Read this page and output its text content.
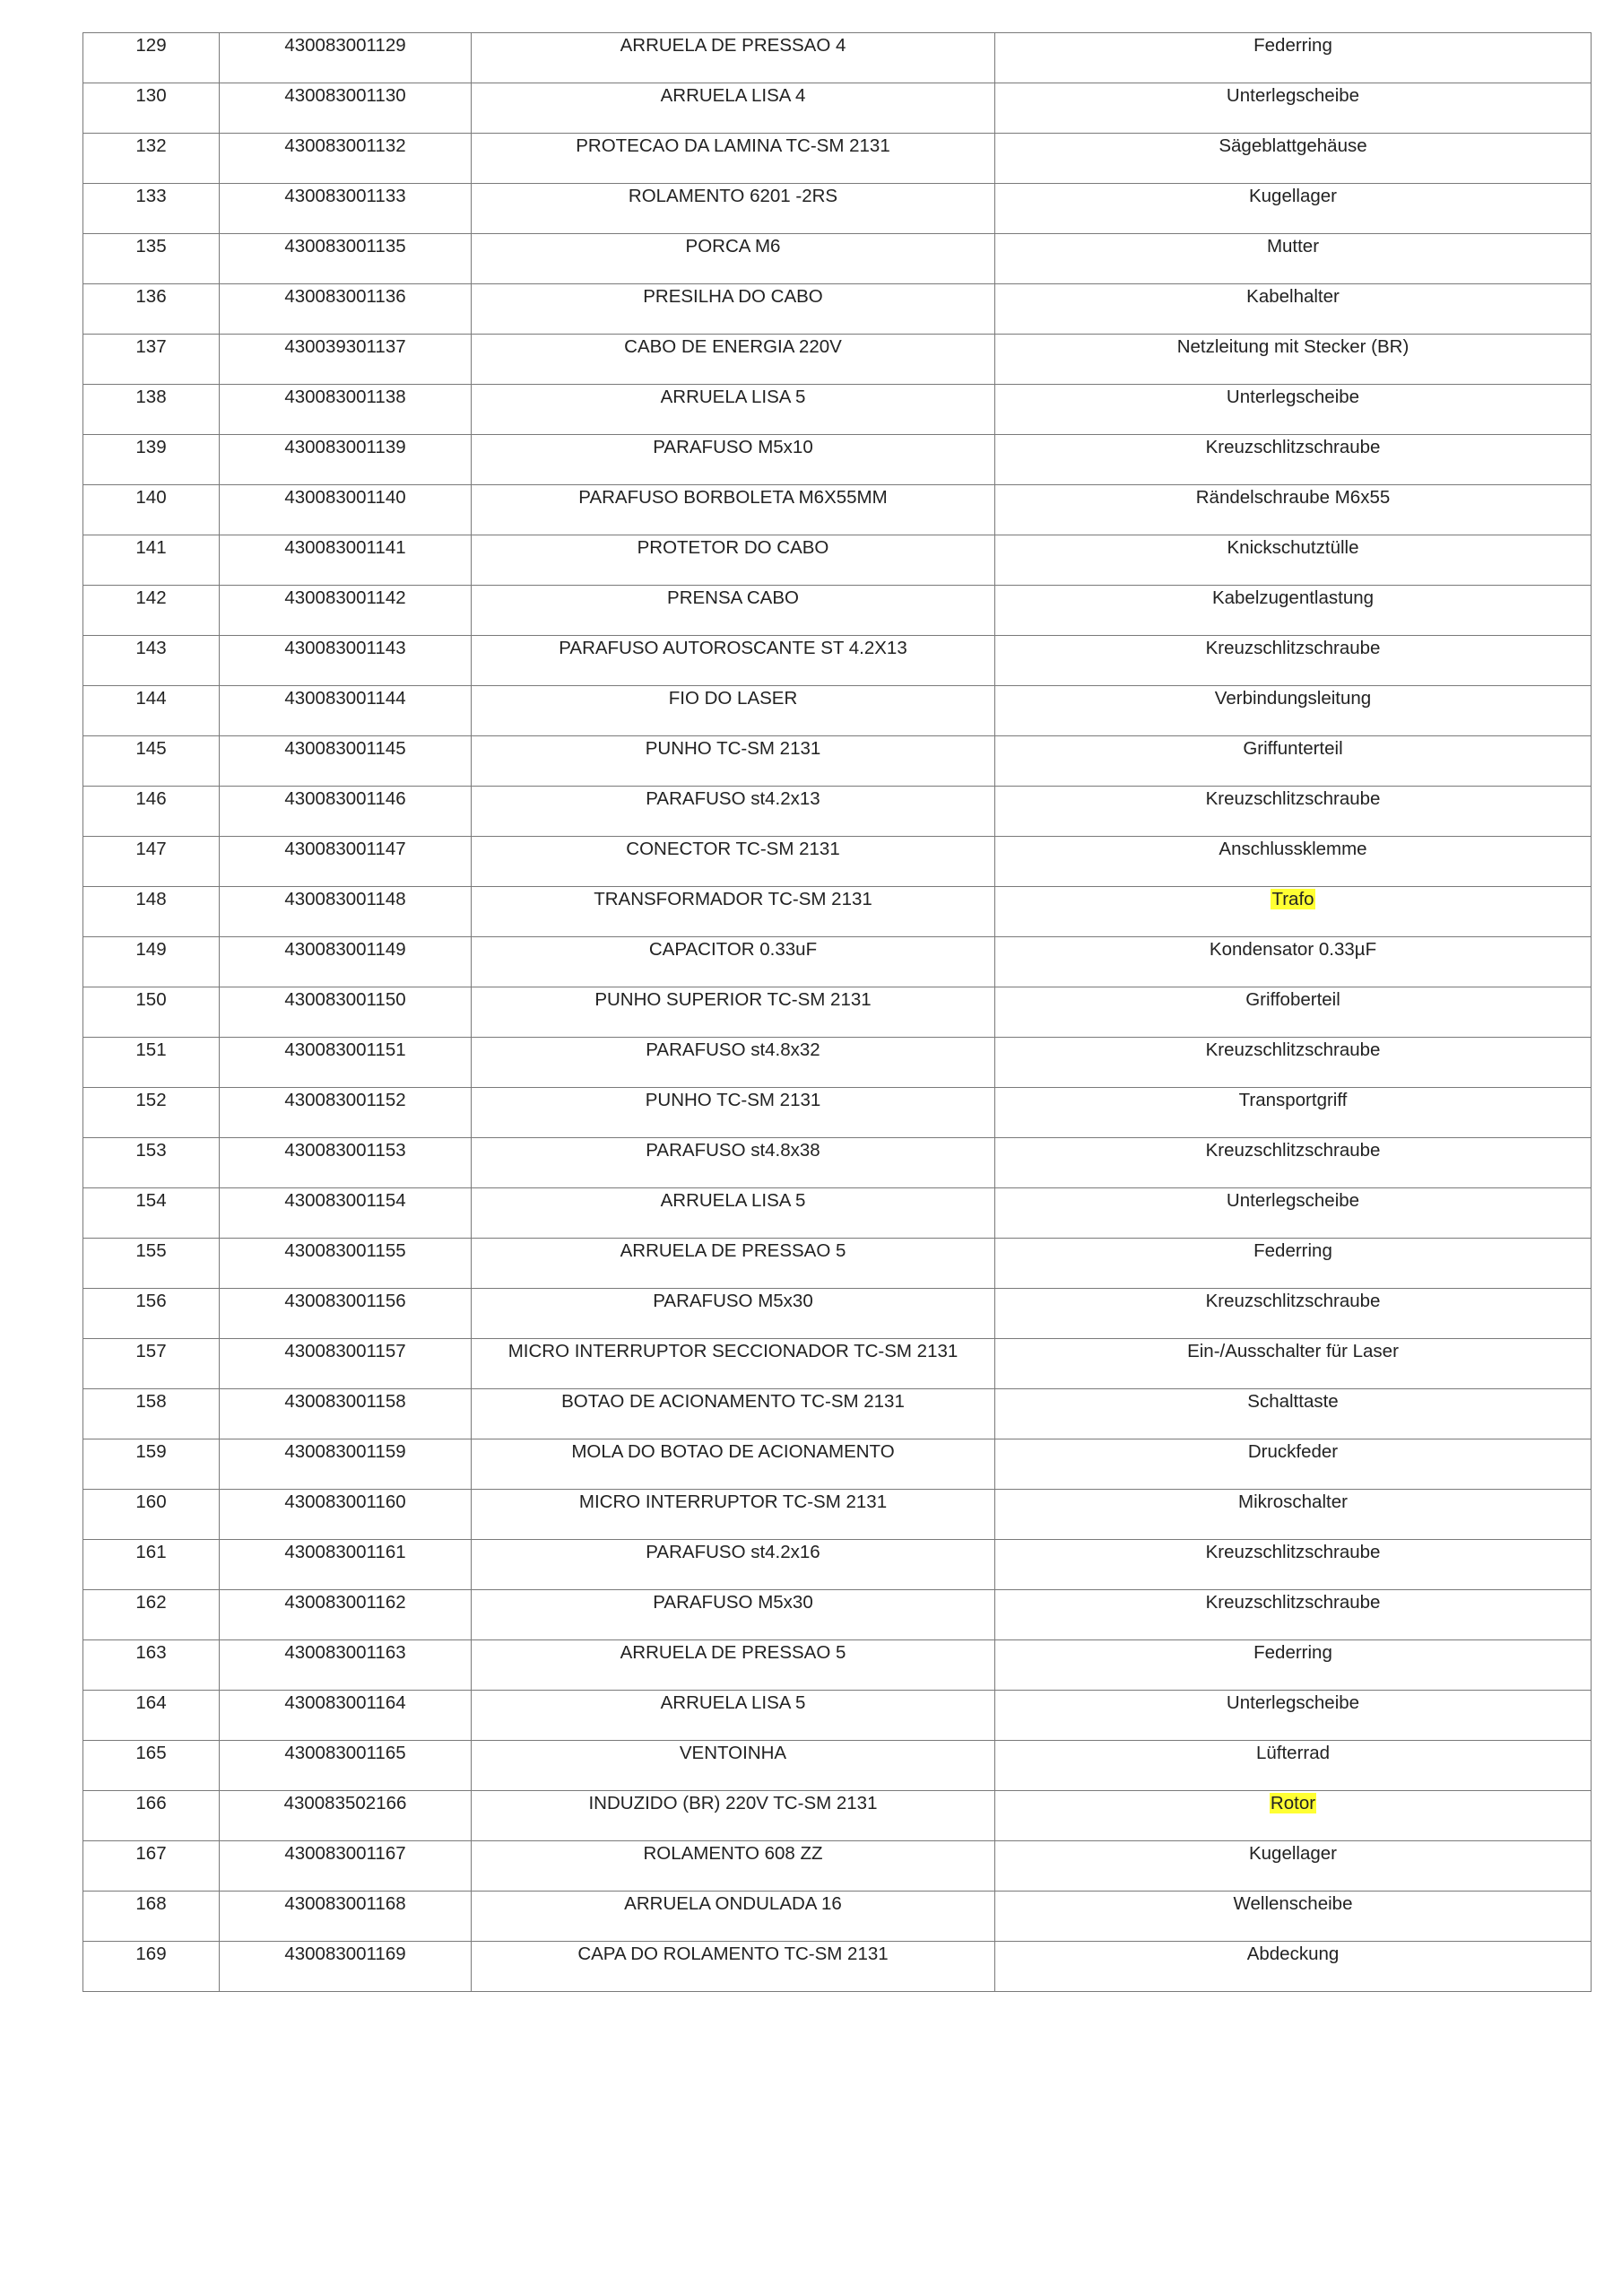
129	430083001129	ARRUELA DE PRESSAO 4	Federring
130	430083001130	ARRUELA LISA 4	Unterlegscheibe
132	430083001132	PROTECAO DA LAMINA TC-SM 2131	Sägeblattgehäuse
133	430083001133	ROLAMENTO 6201 -2RS	Kugellager
135	430083001135	PORCA M6	Mutter
136	430083001136	PRESILHA DO CABO	Kabelhalter
137	430039301137	CABO DE ENERGIA 220V	Netzleitung mit Stecker (BR)
138	430083001138	ARRUELA LISA 5	Unterlegscheibe
139	430083001139	PARAFUSO M5x10	Kreuzschlitzschraube
140	430083001140	PARAFUSO BORBOLETA M6X55MM	Rändelschraube M6x55
141	430083001141	PROTETOR DO CABO	Knickschutztülle
142	430083001142	PRENSA CABO	Kabelzugentlastung
143	430083001143	PARAFUSO AUTOROSCANTE ST 4.2X13	Kreuzschlitzschraube
144	430083001144	FIO DO LASER	Verbindungsleitung
145	430083001145	PUNHO TC-SM 2131	Griffunterteil
146	430083001146	PARAFUSO st4.2x13	Kreuzschlitzschraube
147	430083001147	CONECTOR TC-SM 2131	Anschlussklemme
148	430083001148	TRANSFORMADOR TC-SM 2131	Trafo
149	430083001149	CAPACITOR 0.33uF	Kondensator 0.33µF
150	430083001150	PUNHO SUPERIOR TC-SM 2131	Griffoberteil
151	430083001151	PARAFUSO st4.8x32	Kreuzschlitzschraube
152	430083001152	PUNHO TC-SM 2131	Transportgriff
153	430083001153	PARAFUSO st4.8x38	Kreuzschlitzschraube
154	430083001154	ARRUELA LISA 5	Unterlegscheibe
155	430083001155	ARRUELA DE PRESSAO 5	Federring
156	430083001156	PARAFUSO M5x30	Kreuzschlitzschraube
157	430083001157	MICRO INTERRUPTOR SECCIONADOR TC-SM 2131	Ein-/Ausschalter für Laser
158	430083001158	BOTAO DE ACIONAMENTO TC-SM 2131	Schalttaste
159	430083001159	MOLA DO BOTAO DE ACIONAMENTO	Druckfeder
160	430083001160	MICRO INTERRUPTOR TC-SM 2131	Mikroschalter
161	430083001161	PARAFUSO st4.2x16	Kreuzschlitzschraube
162	430083001162	PARAFUSO M5x30	Kreuzschlitzschraube
163	430083001163	ARRUELA DE PRESSAO 5	Federring
164	430083001164	ARRUELA LISA 5	Unterlegscheibe
165	430083001165	VENTOINHA	Lüfterrad
166	430083502166	INDUZIDO (BR) 220V TC-SM 2131	Rotor
167	430083001167	ROLAMENTO 608 ZZ	Kugellager
168	430083001168	ARRUELA ONDULADA 16	Wellenscheibe
169	430083001169	CAPA DO ROLAMENTO TC-SM 2131	Abdeckung
